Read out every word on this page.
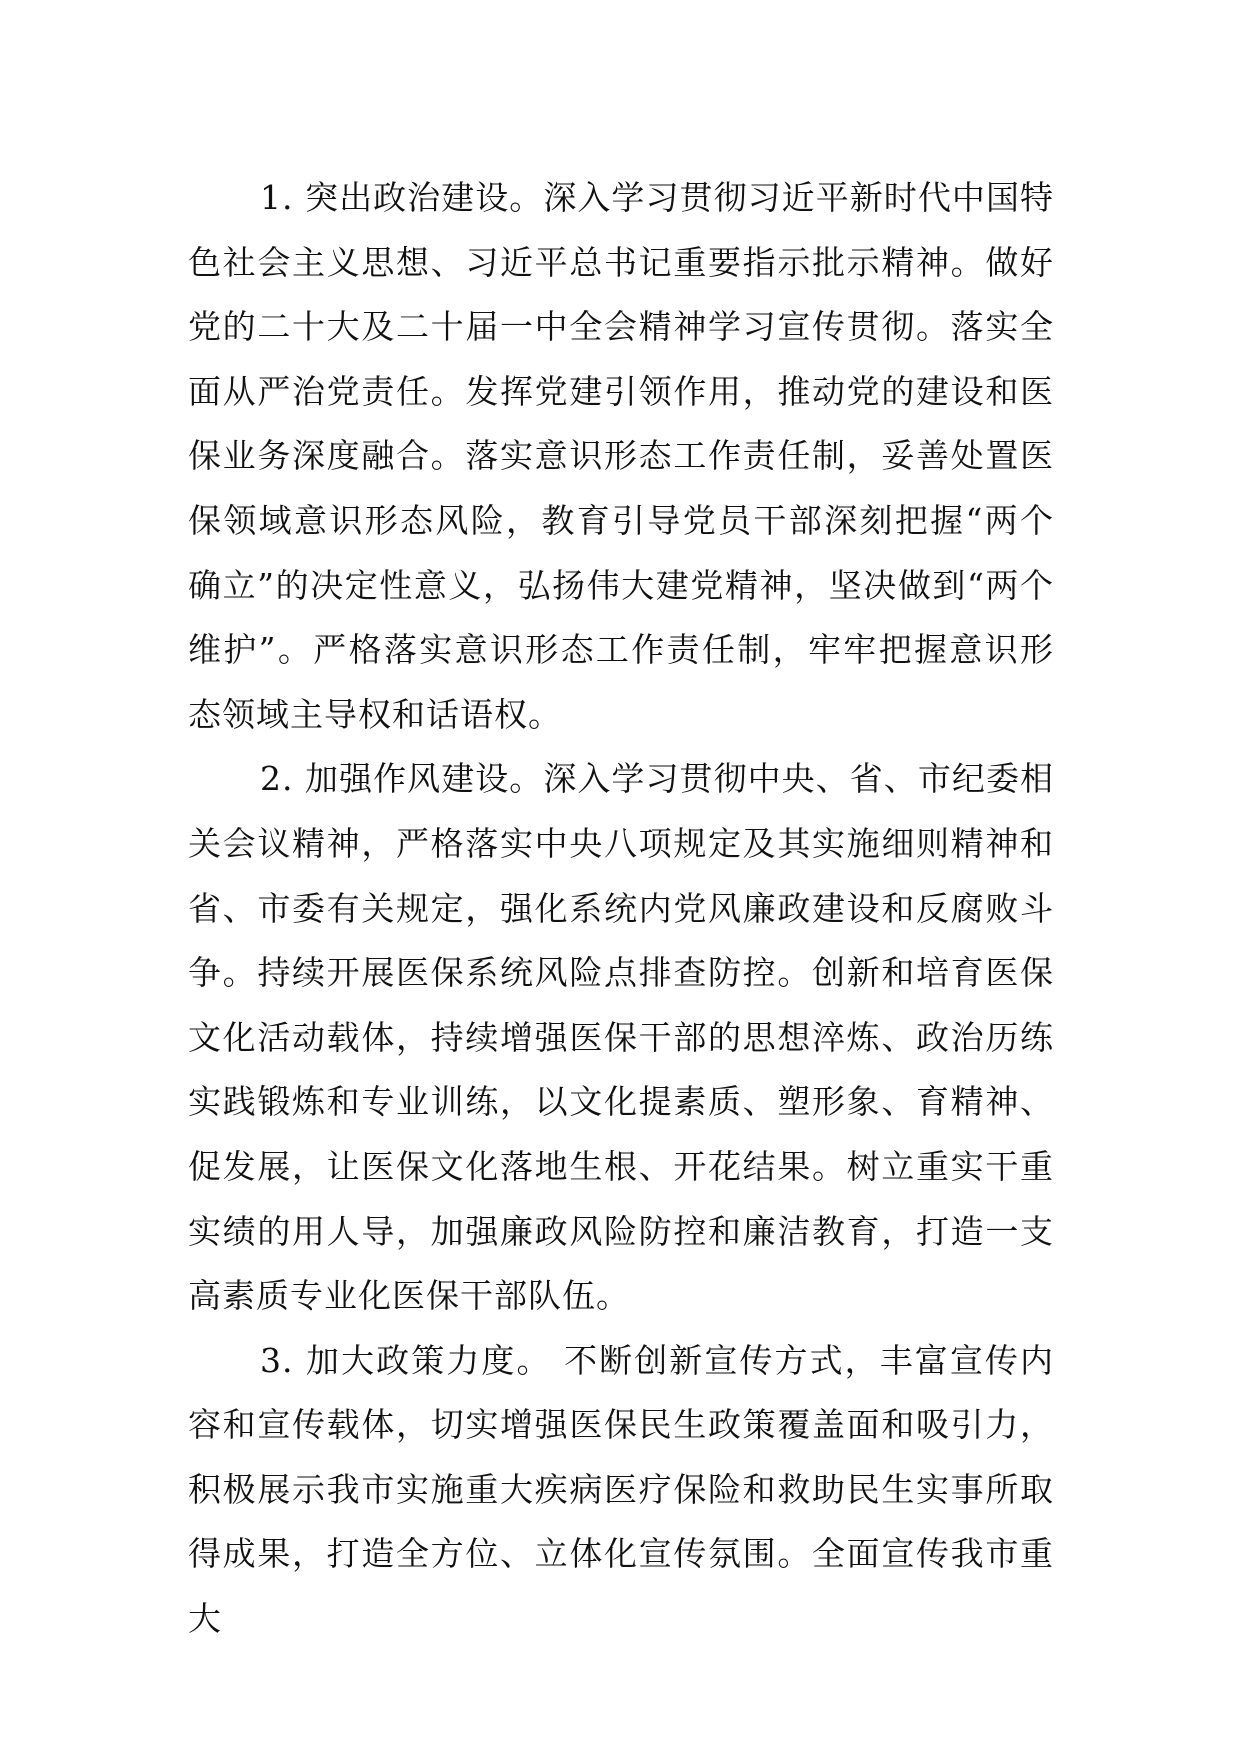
1. 突出政治建设。深入学习贯彻习近平新时代中国特色社会主义思想、习近平总书记重要指示批示精神。做好党的二十大及二十届一中全会精神学习宣传贯彻。落实全面从严治党责任。发挥党建引领作用，推动党的建设和医保业务深度融合。落实意识形态工作责任制，妥善处置医保领域意识形态风险，教育引导党员干部深刻把握“两个确立”的决定性意义，弘扬伟大建党精神，坚决做到“两个维护”。严格落实意识形态工作责任制，牢牢把握意识形态领域主导权和话语权。

2. 加强作风建设。深入学习贯彻中央、省、市纪委相关会议精神，严格落实中央八项规定及其实施细则精神和省、市委有关规定，强化系统内党风廉政建设和反腐败斗争。持续开展医保系统风险点排查防控。创新和培育医保文化活动载体，持续增强医保干部的思想淬炼、政治历练实践锻炼和专业训练，以文化提素质、塑形象、育精神、促发展，让医保文化落地生根、开花结果。树立重实干重实绩的用人导，加强廉政风险防控和廉洁教育，打造一支高素质专业化医保干部队伍。

3. 加大政策力度。 不断创新宣传方式，丰富宣传内容和宣传载体，切实增强医保民生政策覆盖面和吸引力，积极展示我市实施重大疾病医疗保险和救助民生实事所取得成果，打造全方位、立体化宣传氛围。全面宣传我市重大
